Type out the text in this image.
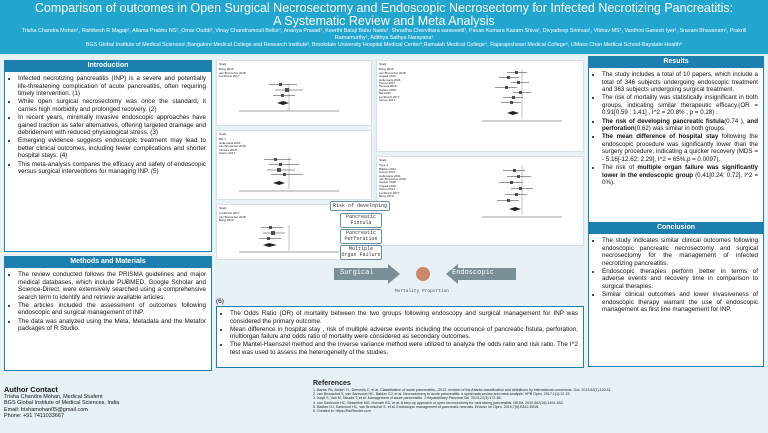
Comparison of outcomes in Open Surgical Necrosectomy and Endoscopic Necrosectomy for Infected Necrotizing Pancreatitis:
A Systematic Review and Meta Analysis
Trisha Chandra Mohan¹, Rishikesh R Magaji¹, Allama Prabhu NS¹, Omar Ouddi¹, Vinay Chandramouli Bellur¹, Ananya Prasad¹, Keerthi Balaji Babu Naidu¹, Shradha Chervittara saraveetil¹, Pavan Kumara Kasam Shiva¹, Divyadeep Srinivas¹, Vibhav MS¹, Vardhini Ganesh Iyer¹, Sravani Bhavanam¹, Prakrill Ramamurthy¹, Adithya Sathya Narayana¹
BGS Global Institute of Medical Sciences¹,Bangalore Medical College and Research Institute², Brookdale University Hospital Medical Center³,Ramaiah Medical College⁴, Rajarajeshwari Medical College⁵, UMass Chan Medical School-Baystate Health⁶
Introduction
• Infected necrotizing pancreatitis (INP) is a severe and potentially life-threatening complication of acute pancreatitis, often requiring timely intervention. (1)
• While open surgical necrosectomy was once the standard, it carries high morbidity and prolonged recovery. (2)
• In recent years, minimally invasive endoscopic approaches have gained traction as safer alternatives, offering targeted drainage and debridement with reduced physiological stress. (3)
• Emerging evidence suggests endoscopic treatment may lead to better clinical outcomes, including fewer complications and shorter hospital stays. (4)
• This meta-analysis compares the efficacy and safety of endoscopic versus surgical interventions for managing INP. (5)
Methods and Materials
• The review conducted follows the PRISMA guidelines and major medical databases, which include PUBMED, Google Scholar and Science-Direct, were extensively searched using a comprehensive search term to identify and retrieve available articles.
• The articles included the assessment of outcomes following endoscopic and surgical management of INP.
• The data was analyzed using the Meta, Metadata and the Metafor packages of R Studio.
Study
Bang 2019
van Brunschot 2018
Luckhurst 2017
Study
Bai Y
Hollemans 2021
van Brunschot 2018
Tamura 2018
Kanno 2017
Study
Luckhurst 2017
van Brunschot 2018
Bang 2019
Study
Bang 2019
van Brunschot 2018
Angadi 2016
Hollemans 2021
Kumar 2017
Tamura 2018
Garber 2018
Bai 2019
Luckhurst 2017
Kanno 2017
Study
Type 1
Bakker 2012
Kumar 2014
Hollemans 2021
van Brunschot 2018
Garber 2018
Angadi 2016
Kanno 2017
Luckhurst 2017
Bang 2019
Risk of developing
Pancreatic Fistula
Pancreatic Perforation
Multiple Organ Failure
Surgical	Endoscopic
Mortality Proportion
(6)
• The Odds Ratio (OR) of mortality between the two groups following endoscopy and surgical management for INP was considered the primary outcome.
• Mean difference in hospital stay , risk of multiple adverse events including the occurrence of pancreatic fistula, perforation, multiorgan failure and odds ratio of mortality were considered as secondary outcomes.
• The Mantel-Haenszel method and the Inverse variance method were utilized to analyze the odds ratio and risk ratio. The I^2 test was used to assess the heterogeneity of the studies.
Results
• The study includes a total of 10 papers, which include a total of 346 subjects undergoing endoscopic treatment and 363 subjects undergoing surgical treatment.
• The risk of mortality was statistically insignificant in both groups, indicating similar therapeutic efficacy.(OR = 0.91[0.59 ; 1.41] , I^2 = 20.8% , p = 0.28) .
• The risk of developing pancreatic fistula(0.74 ), and perforation(0.62) was similar in both groups.
• The mean difference of hospital stay following the endoscopic procedure was significantly lower than the surgery procedure, indicating a quicker recovery (MDS = - 5.16[-12.62; 2.29], I^2 = 65%,p = 0.0097).
• The risk of multiple organ failure was significantly lower in the endoscopic group (0.41[0.24; 0.72], I^2 = 0%).
Conclusion
• The study indicates similar clinical outcomes following endoscopic pancreatic necrosectomy and surgical necrosectomy for the management of infected necrotizing pancreatitis.
• Endoscopic therapies perform better in terms of adverse events and recovery time in comparison to surgical therapies.
• Similar clinical outcomes and lower invasiveness of endoscopic therapy warrant the use of endoscopic management as first line management for INP.
Author Contact
Trisha Chandra Mohan, Medical Student
BGS Global Institute of Medical Sciences, India
Email: trishamohan05@gmail.com
Phone: +91 7411033667
References
1. Banks PA, Bollen TL, Dervenis C, et al. Classification of acute pancreatitis—2012: revision of the Atlanta classification and definitions by international consensus. Gut. 2013;62(1):102-11.
2. van Brunschot S, van Santvoort HC, Bakker OJ, et al. Necrosectomy in acute pancreatitis: a systematic review and meta-analysis. HPB Open. 2017;1(1):12-15.
3. Isayli S, Van M, Takada T, et al. Management of acute pancreatitis. J Hepatobiliary Pancreat Sci. 2013;21(3):172-85.
4. van Santvoort HC, Besselink MG, Horvath KD, et al. A step-up approach or open necrosectomy for necrotizing pancreatitis. NEJM. 2010;362(16):1491-502.
5. Bakker OJ, Santvoort HC, van Brunschot S, et al. Endoscopic management of pancreatic necrosis. Endosc Int Open. 2019;7(6):E812-E818.
6. Created in: https://BioRender.com
